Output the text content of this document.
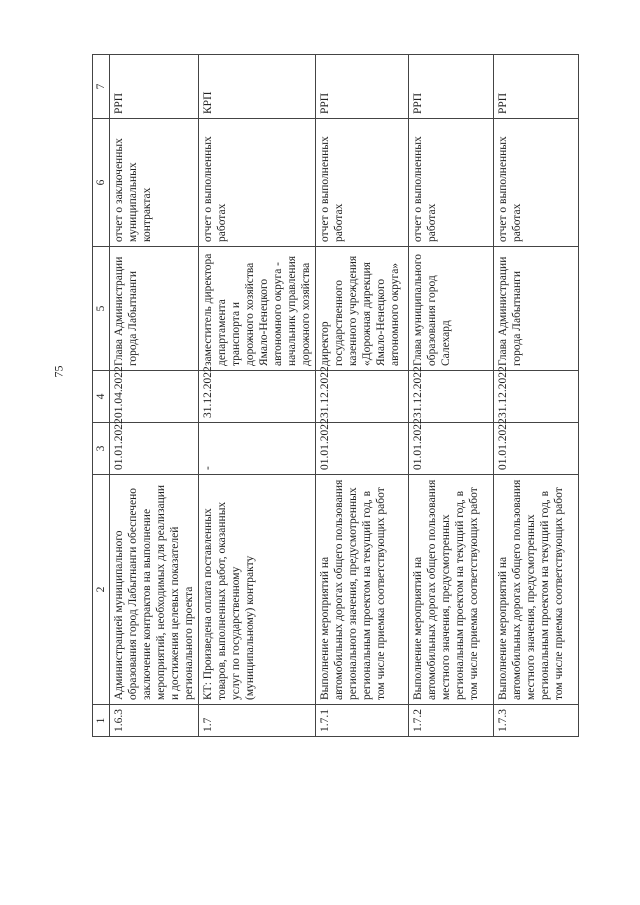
75
1	2	3	4	5	6	7
1.6.3	Администрацией муниципального образования город Лабытнанги обеспечено заключение контрактов на выполнение мероприятий, необходимых для реализации и достижения целевых показателей регионального проекта	01.01.2022	01.04.2022	Глава Администрации города Лабытнанги	отчет о заключенных муниципальных контрактах	РРП
1.7	КТ: Произведена оплата поставленных товаров, выполненных работ, оказанных услуг по государственному (муниципальному) контракту	-	31.12.2022	заместитель директора департамента транспорта и дорожного хозяйства Ямало-Ненецкого автономного округа - начальник управления дорожного хозяйства	отчет о выполненных работах	КРП
1.7.1	Выполнение мероприятий на автомобильных дорогах общего пользования регионального значения, предусмотренных региональным проектом на текущий год, в том числе приемка соответствующих работ	01.01.2022	31.12.2022	директор государственного казенного учреждения «Дорожная дирекция Ямало-Ненецкого автономного округа»	отчет о выполненных работах	РРП
1.7.2	Выполнение мероприятий на автомобильных дорогах общего пользования местного значения, предусмотренных региональным проектом на текущий год, в том числе приемка соответствующих работ	01.01.2022	31.12.2022	Глава муниципального образования город Салехард	отчет о выполненных работах	РРП
1.7.3	Выполнение мероприятий на автомобильных дорогах общего пользования местного значения, предусмотренных региональным проектом на текущий год, в том числе приемка соответствующих работ	01.01.2022	31.12.2022	Глава Администрации города Лабытнанги	отчет о выполненных работах	РРП
